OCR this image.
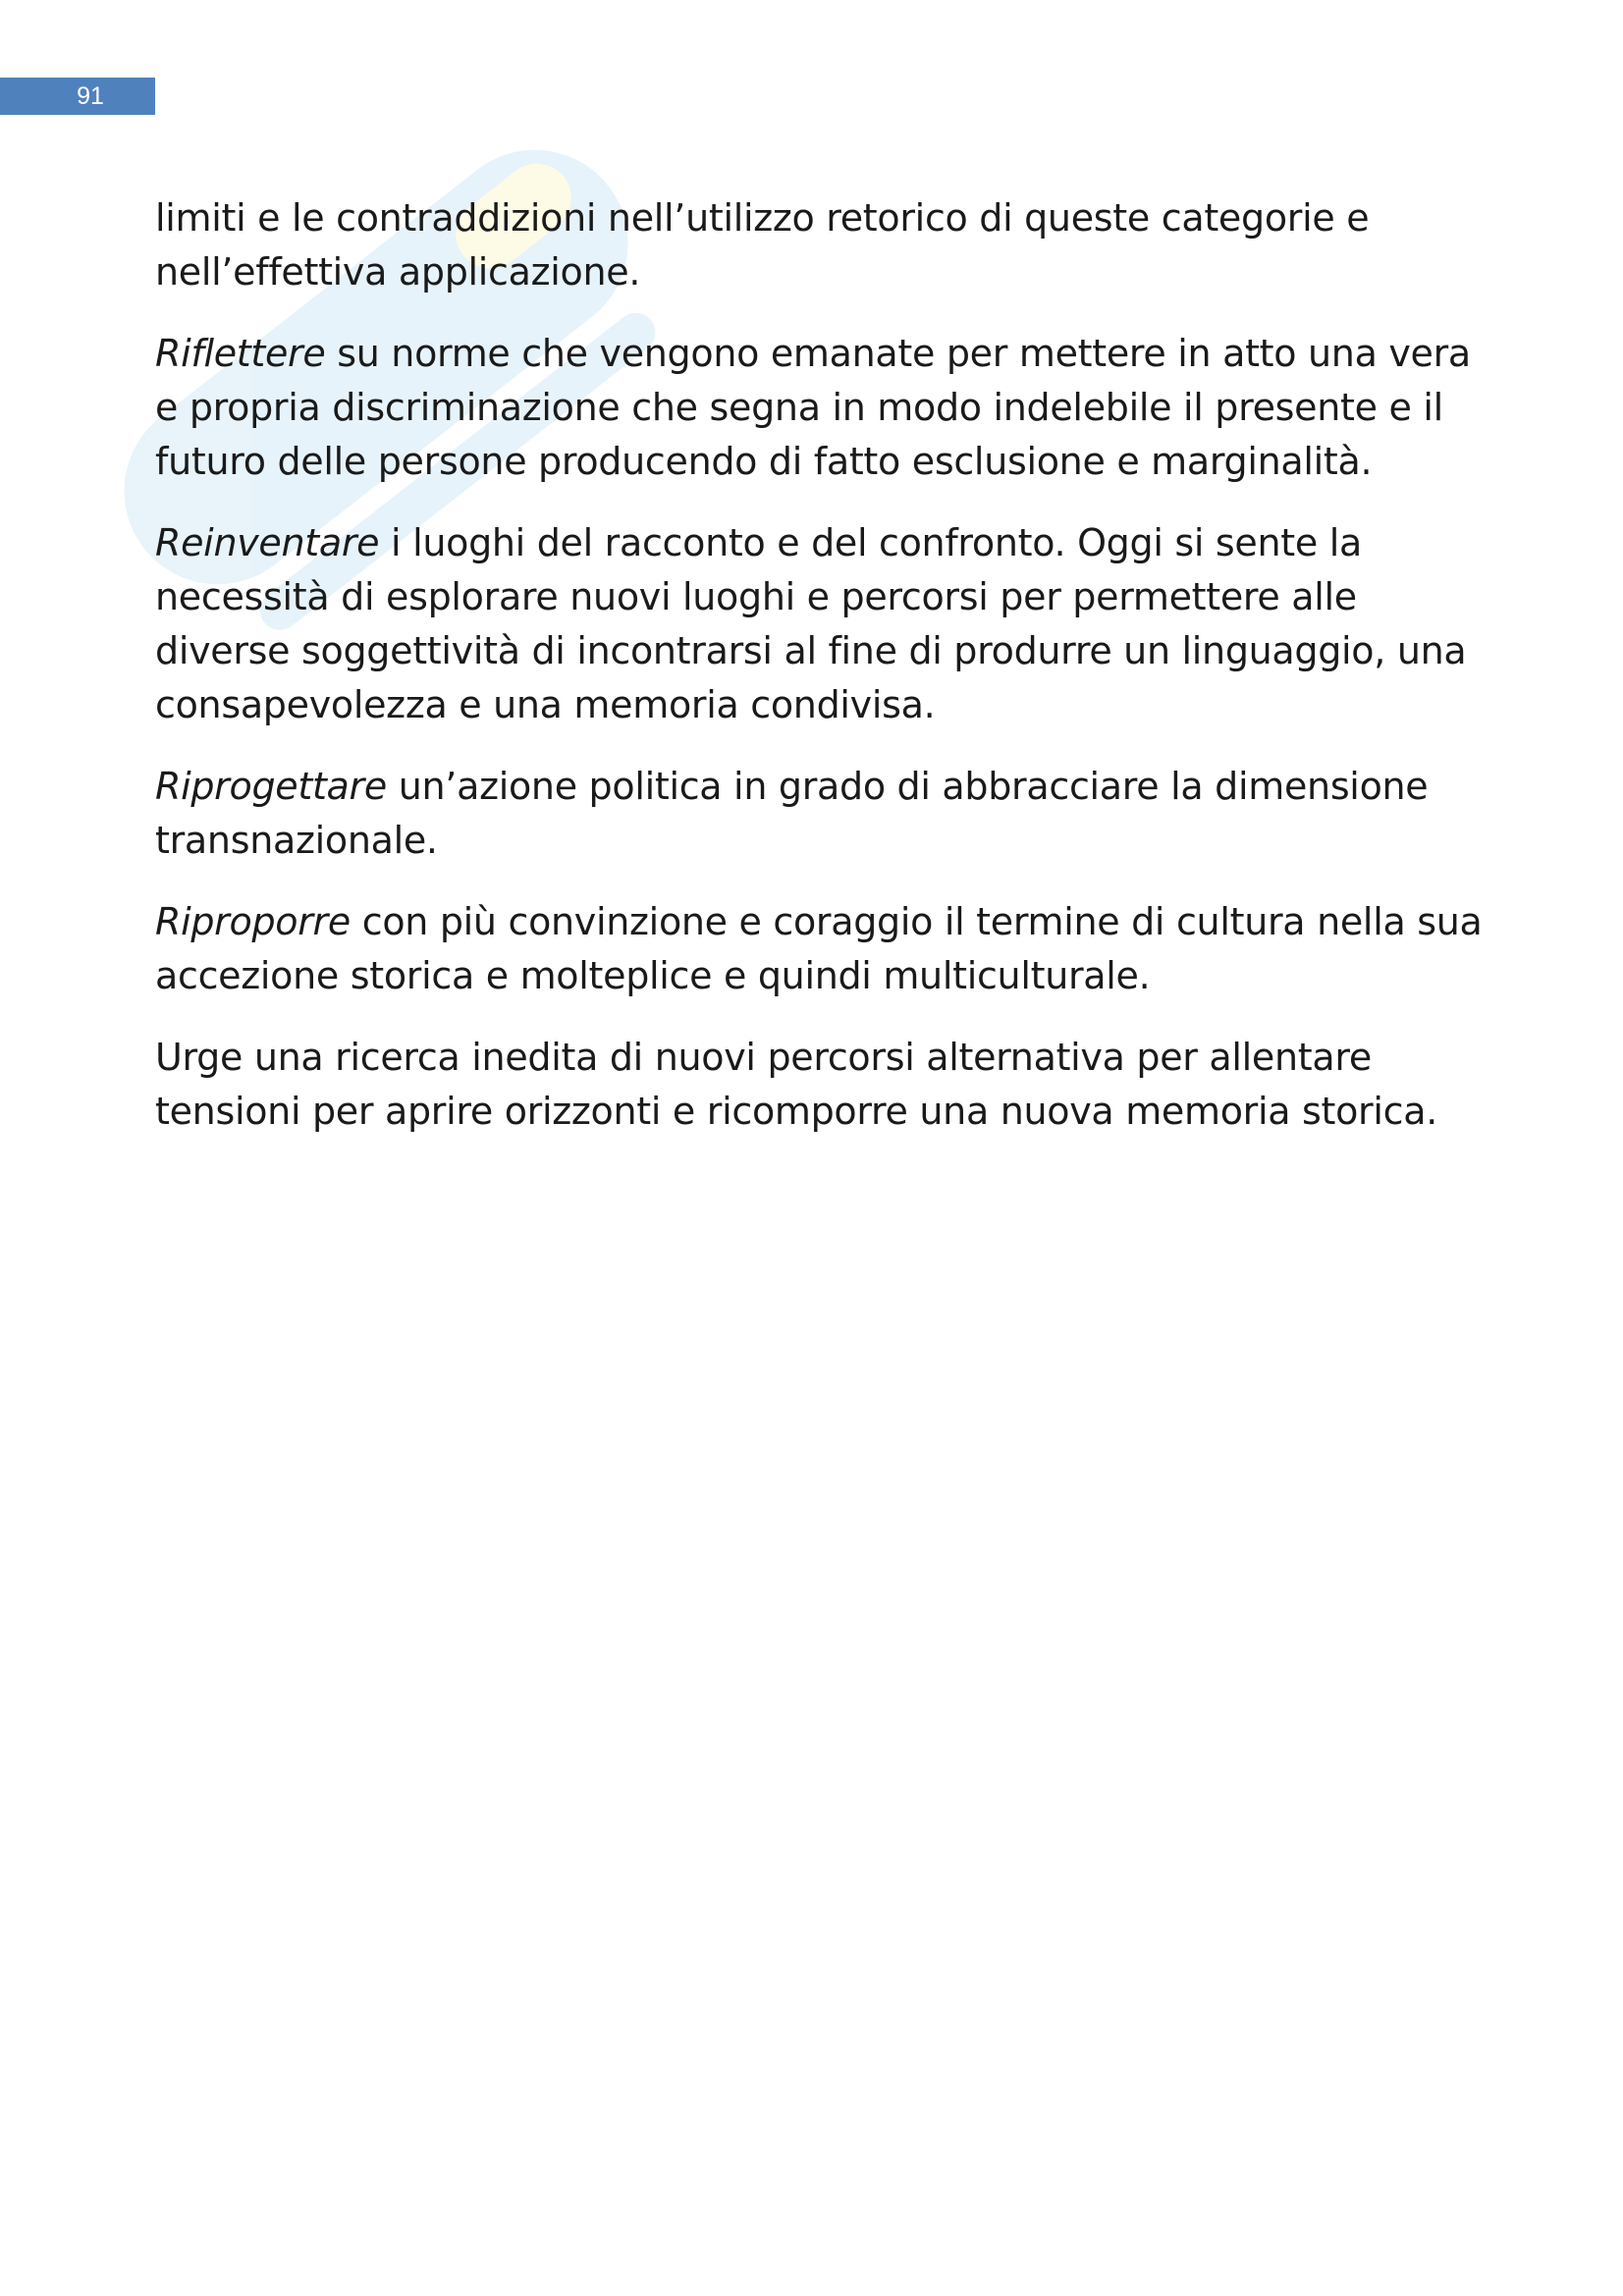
91

limiti e le contraddizioni nell’utilizzo retorico di queste categorie e nell’effettiva applicazione.

Riflettere su norme che vengono emanate per mettere in atto una vera e propria discriminazione che segna in modo indelebile il presente e il futuro delle persone producendo di fatto esclusione e marginalità.

Reinventare i luoghi del racconto e del confronto. Oggi si sente la necessità di esplorare nuovi luoghi e percorsi per permettere alle diverse soggettività di incontrarsi al fine di produrre un linguaggio, una consapevolezza e una memoria condivisa.

Riprogettare un’azione politica in grado di abbracciare la dimensione transnazionale.

Riproporre con più convinzione e coraggio il termine di cultura nella sua accezione storica e molteplice e quindi multiculturale.

Urge una ricerca inedita di nuovi percorsi alternativa per allentare tensioni per aprire orizzonti e ricomporre una nuova memoria storica.
